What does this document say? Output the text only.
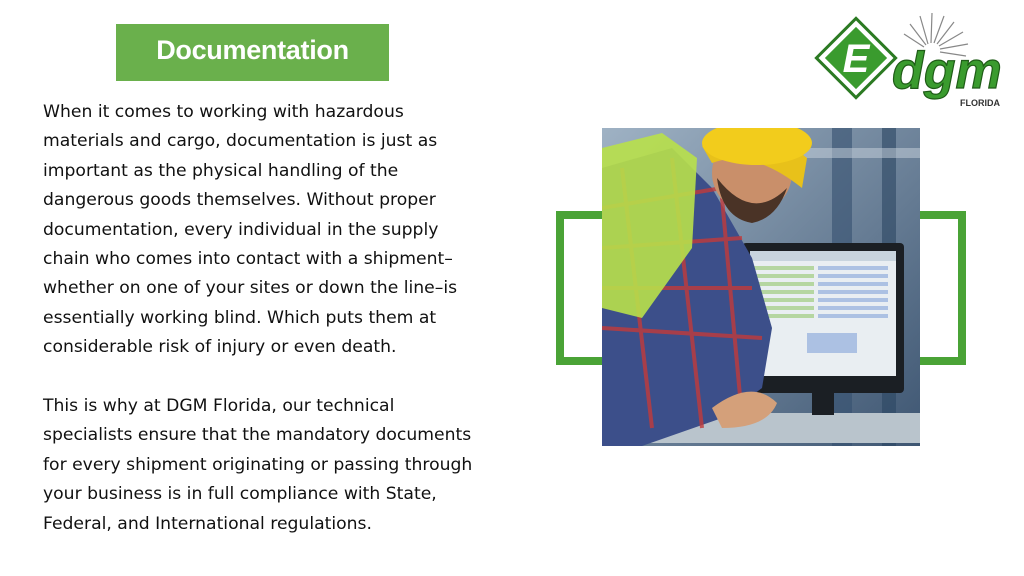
Documentation

When it comes to working with hazardous
materials and cargo, documentation is just as
important as the physical handling of the
dangerous goods themselves. Without proper
documentation, every individual in the supply
chain who comes into contact with a shipment–
whether on one of your sites or down the line–is
essentially working blind. Which puts them at
considerable risk of injury or even death.

This is why at DGM Florida, our technical
specialists ensure that the mandatory documents
for every shipment originating or passing through
your business is in full compliance with State,
Federal, and International regulations.

E dgm
FLORIDA
